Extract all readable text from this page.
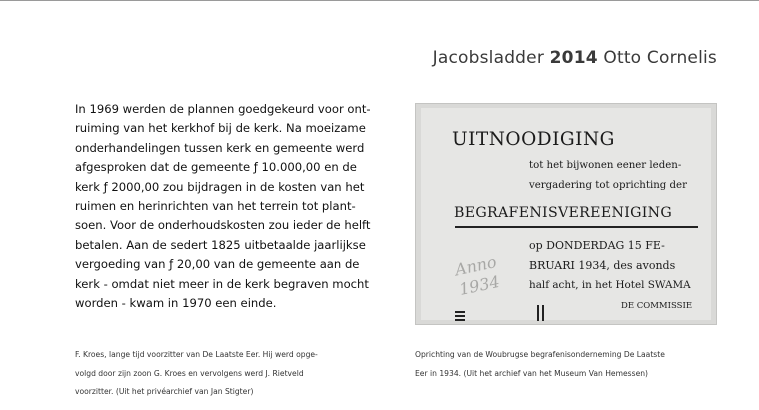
Jacobsladder 2014 Otto Cornelis
In 1969 werden de plannen goedgekeurd voor ont-
ruiming van het kerkhof bij de kerk. Na moeizame
onderhandelingen tussen kerk en gemeente werd
afgesproken dat de gemeente ƒ 10.000,00 en de
kerk ƒ 2000,00 zou bijdragen in de kosten van het
ruimen en herinrichten van het terrein tot plant-
soen. Voor de onderhoudskosten zou ieder de helft
betalen. Aan de sedert 1825 uitbetaalde jaarlijkse
vergoeding van ƒ 20,00 van de gemeente aan de
kerk - omdat niet meer in de kerk begraven mocht
worden - kwam in 1970 een einde.
UITNOODIGING
tot het bijwonen eener leden-
vergadering tot oprichting der
BEGRAFENISVEREENIGING
op DONDERDAG 15 FE-
BRUARI 1934, des avonds
half acht, in het Hotel SWAMA
DE COMMISSIE
Anno
1934
F. Kroes, lange tijd voorzitter van De Laatste Eer. Hij werd opge-
volgd door zijn zoon G. Kroes en vervolgens werd J. Rietveld
voorzitter. (Uit het privéarchief van Jan Stigter)
Oprichting van de Woubrugse begrafenisonderneming De Laatste
Eer in 1934. (Uit het archief van het Museum Van Hemessen)
